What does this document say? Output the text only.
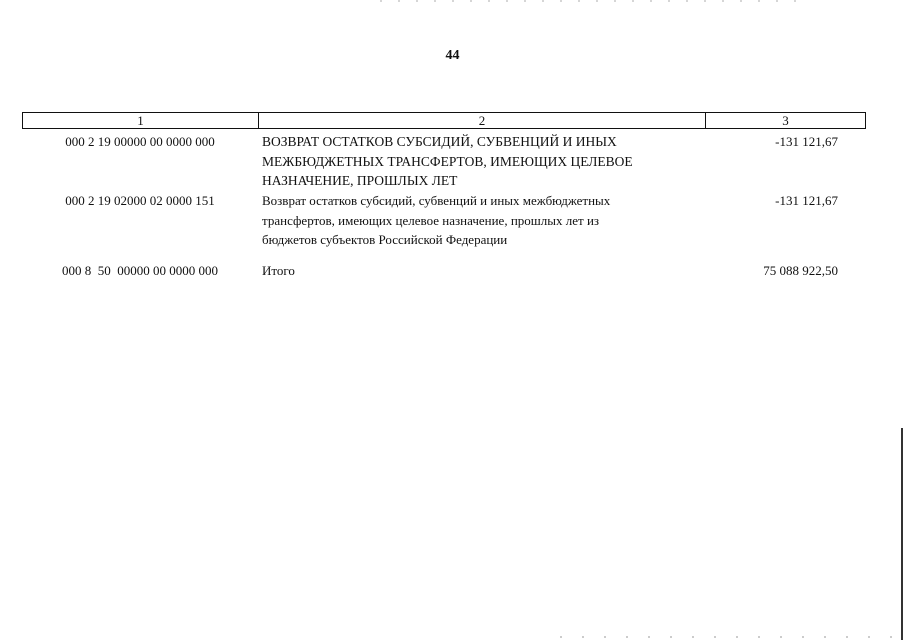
44
1	2	3
000 2 19 00000 00 0000 000	ВОЗВРАТ ОСТАТКОВ СУБСИДИЙ, СУБВЕНЦИЙ И ИНЫХ
МЕЖБЮДЖЕТНЫХ ТРАНСФЕРТОВ, ИМЕЮЩИХ ЦЕЛЕВОЕ
НАЗНАЧЕНИЕ, ПРОШЛЫХ ЛЕТ
-131 121,67
000 2 19 02000 02 0000 151	Возврат остатков субсидий, субвенций и иных межбюджетных
трансфертов, имеющих целевое назначение, прошлых лет из
бюджетов субъектов Российской Федерации
-131 121,67
000 8  50  00000 00 0000 000	Итого	75 088 922,50
